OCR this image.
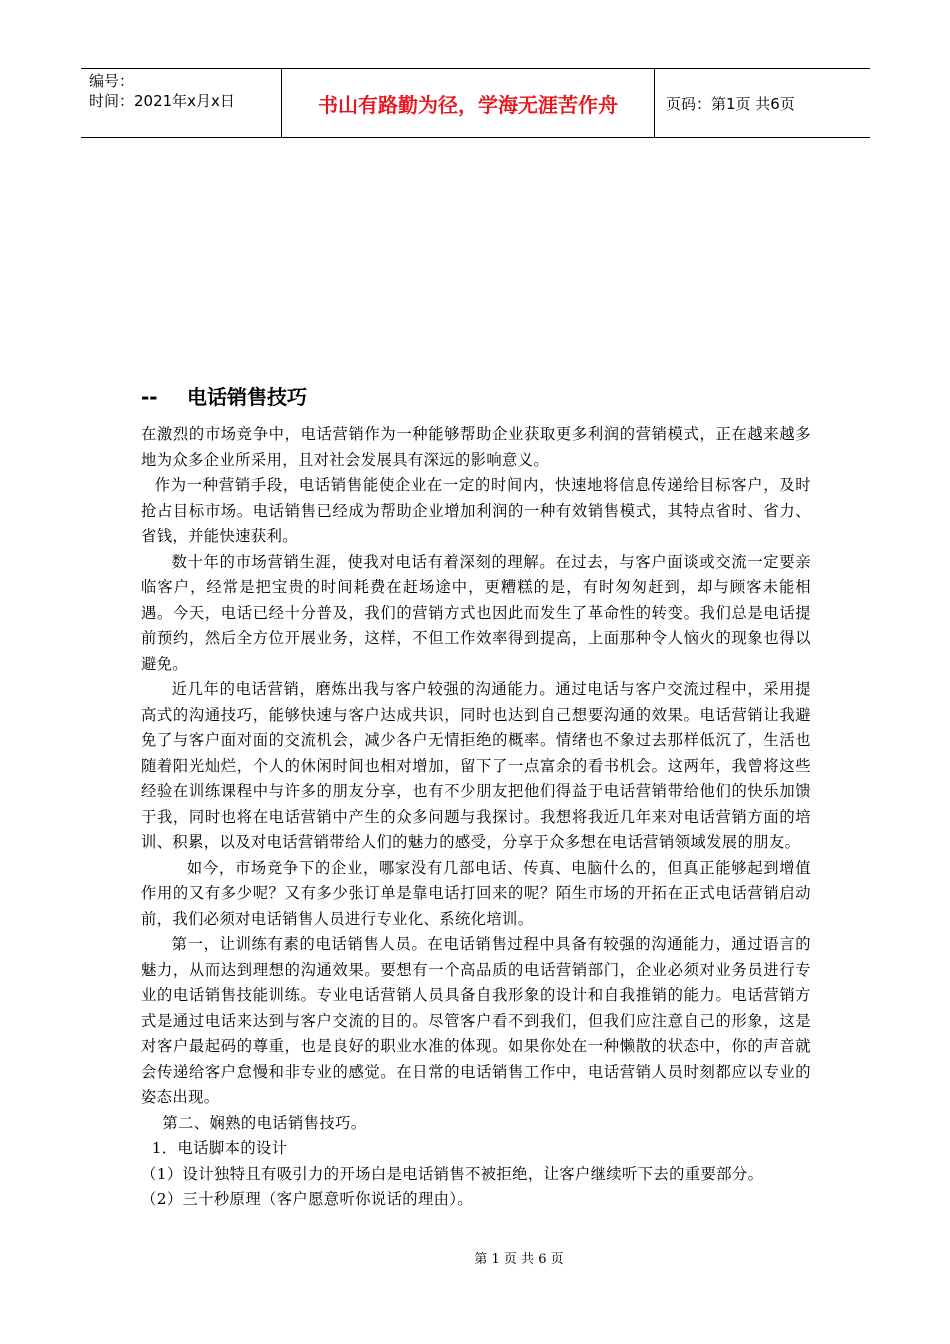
编号：
时间：2021年x月x日	书山有路勤为径，学海无涯苦作舟	页码：第1页 共6页
-- 电话销售技巧

在激烈的市场竞争中，电话营销作为一种能够帮助企业获取更多利润的营销模式，正在越来越多地为众多企业所采用，且对社会发展具有深远的影响意义。

作为一种营销手段，电话销售能使企业在一定的时间内，快速地将信息传递给目标客户，及时抢占目标市场。电话销售已经成为帮助企业增加利润的一种有效销售模式，其特点省时、省力、省钱，并能快速获利。

数十年的市场营销生涯，使我对电话有着深刻的理解。在过去，与客户面谈或交流一定要亲临客户，经常是把宝贵的时间耗费在赶场途中，更糟糕的是，有时匆匆赶到，却与顾客未能相遇。今天，电话已经十分普及，我们的营销方式也因此而发生了革命性的转变。我们总是电话提前预约，然后全方位开展业务，这样，不但工作效率得到提高，上面那种令人恼火的现象也得以避免。

近几年的电话营销，磨炼出我与客户较强的沟通能力。通过电话与客户交流过程中，采用提高式的沟通技巧，能够快速与客户达成共识，同时也达到自己想要沟通的效果。电话营销让我避免了与客户面对面的交流机会，减少各户无情拒绝的概率。情绪也不象过去那样低沉了，生活也随着阳光灿烂，个人的休闲时间也相对增加，留下了一点富余的看书机会。这两年，我曾将这些经验在训练课程中与许多的朋友分享，也有不少朋友把他们得益于电话营销带给他们的快乐加馈于我，同时也将在电话营销中产生的众多问题与我探讨。我想将我近几年来对电话营销方面的培训、积累，以及对电话营销带给人们的魅力的感受，分享于众多想在电话营销领域发展的朋友。

如今，市场竞争下的企业，哪家没有几部电话、传真、电脑什么的，但真正能够起到增值作用的又有多少呢？又有多少张订单是靠电话打回来的呢？陌生市场的开拓在正式电话营销启动前，我们必须对电话销售人员进行专业化、系统化培训。

第一，让训练有素的电话销售人员。在电话销售过程中具备有较强的沟通能力，通过语言的魅力，从而达到理想的沟通效果。要想有一个高品质的电话营销部门，企业必须对业务员进行专业的电话销售技能训练。专业电话营销人员具备自我形象的设计和自我推销的能力。电话营销方式是通过电话来达到与客户交流的目的。尽管客户看不到我们，但我们应注意自己的形象，这是对客户最起码的尊重，也是良好的职业水准的体现。如果你处在一种懒散的状态中，你的声音就会传递给客户怠慢和非专业的感觉。在日常的电话销售工作中，电话营销人员时刻都应以专业的姿态出现。

第二、娴熟的电话销售技巧。

1．电话脚本的设计

（1）设计独特且有吸引力的开场白是电话销售不被拒绝，让客户继续听下去的重要部分。

（2）三十秒原理（客户愿意听你说话的理由）。

第 1 页 共 6 页
